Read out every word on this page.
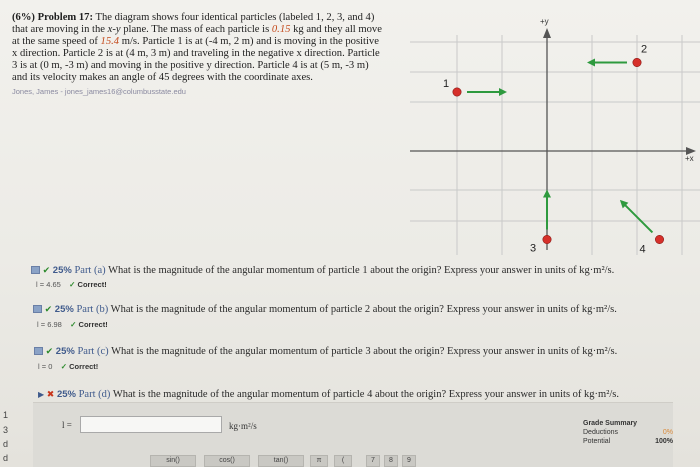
(6%) Problem 17: The diagram shows four identical particles (labeled 1, 2, 3, and 4)
that are moving in the x-y plane. The mass of each particle is 0.15 kg and they all move
at the same speed of 15.4 m/s. Particle 1 is at (-4 m, 2 m) and is moving in the positive
x direction. Particle 2 is at (4 m, 3 m) and traveling in the negative x direction. Particle
3 is at (0 m, -3 m) and moving in the positive y direction. Particle 4 is at (5 m, -3 m)
and its velocity makes an angle of 45 degrees with the coordinate axes.
Jones, James - jones_james16@columbusstate.edu
+y
+x
1
2
3	4
✔ 25% Part (a) What is the magnitude of the angular momentum of particle 1 about the origin? Express your answer in units of kg·m²/s.
l = 4.65 ✓ Correct!
✔ 25% Part (b) What is the magnitude of the angular momentum of particle 2 about the origin? Express your answer in units of kg·m²/s.
l = 6.98 ✓ Correct!
✔ 25% Part (c) What is the magnitude of the angular momentum of particle 3 about the origin? Express your answer in units of kg·m²/s.
l = 0 ✓ Correct!
▶ ✖ 25% Part (d) What is the magnitude of the angular momentum of particle 4 about the origin? Express your answer in units of kg·m²/s.
l =	kg·m²/s	Grade Summary
Deductions	0%
Potential	100%
sin()	cos()	tan()	π	(	7	8	9
1
3
d
d
